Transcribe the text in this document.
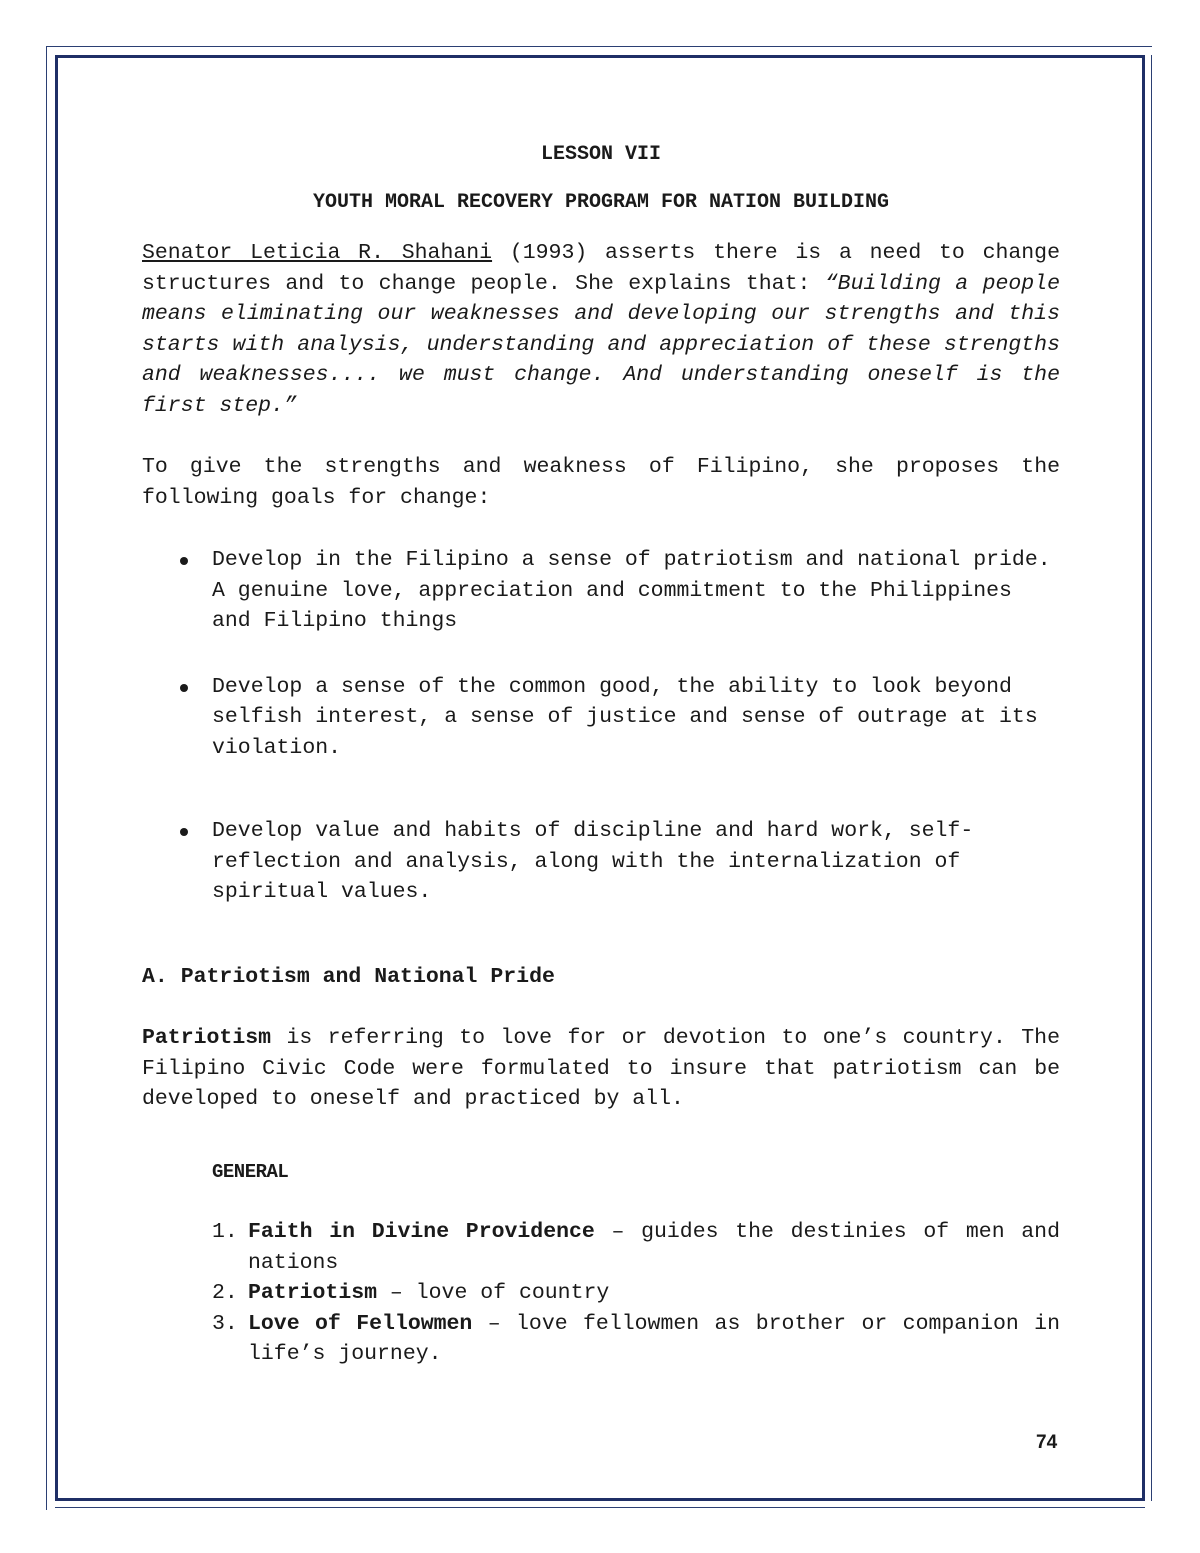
LESSON VII
YOUTH MORAL RECOVERY PROGRAM FOR NATION BUILDING

Senator Leticia R. Shahani (1993) asserts there is a need to change structures and to change people. She explains that: “Building a people means eliminating our weaknesses and developing our strengths and this starts with analysis, understanding and appreciation of these strengths and weaknesses.... we must change. And understanding oneself is the first step.”

To give the strengths and weakness of Filipino, she proposes the following goals for change:

Develop in the Filipino a sense of patriotism and national pride. A genuine love, appreciation and commitment to the Philippines and Filipino things
Develop a sense of the common good, the ability to look beyond selfish interest, a sense of justice and sense of outrage at its violation.
Develop value and habits of discipline and hard work, self-reflection and analysis, along with the internalization of spiritual values.
A. Patriotism and National Pride

Patriotism is referring to love for or devotion to one’s country. The Filipino Civic Code were formulated to insure that patriotism can be developed to oneself and practiced by all.

GENERAL
1. Faith in Divine Providence – guides the destinies of men and nations
2. Patriotism – love of country
3. Love of Fellowmen – love fellowmen as brother or companion in life’s journey.
74
